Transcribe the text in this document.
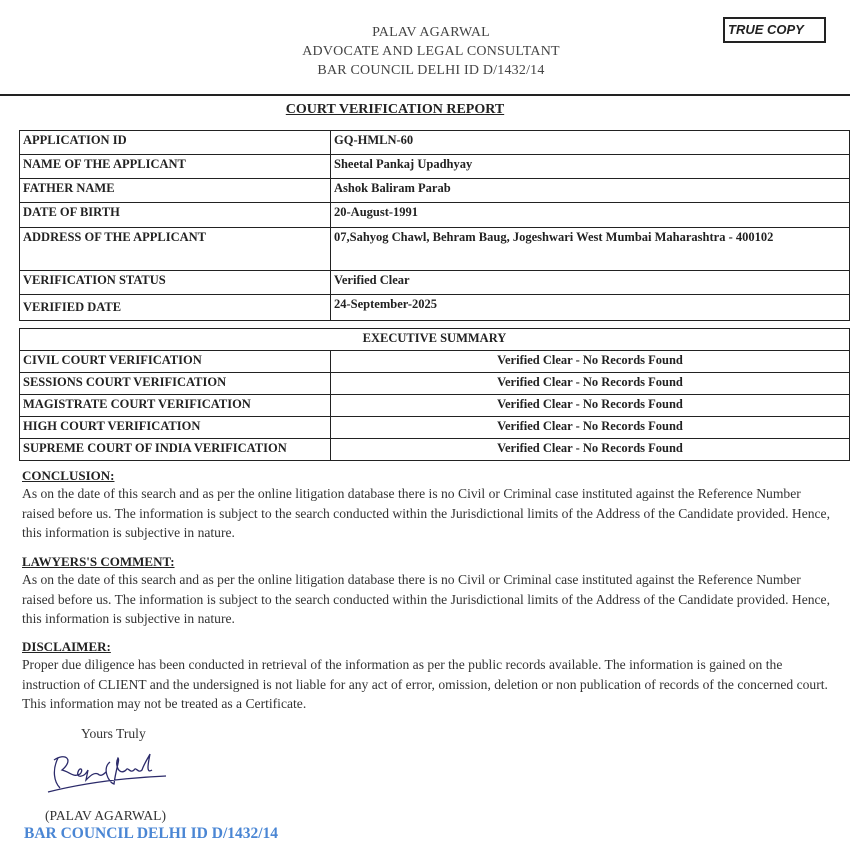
PALAV AGARWAL
ADVOCATE AND LEGAL CONSULTANT
BAR COUNCIL DELHI ID D/1432/14
TRUE COPY
COURT VERIFICATION REPORT
APPLICATION ID	GQ-HMLN-60
NAME OF THE APPLICANT	Sheetal Pankaj Upadhyay
FATHER NAME	Ashok Baliram Parab
DATE OF BIRTH	20-August-1991
ADDRESS OF THE APPLICANT	07,Sahyog Chawl, Behram Baug, Jogeshwari West Mumbai Maharashtra - 400102
VERIFICATION STATUS	Verified Clear
VERIFIED DATE	24-September-2025
EXECUTIVE SUMMARY	
CIVIL COURT VERIFICATION	Verified Clear - No Records Found
SESSIONS COURT VERIFICATION	Verified Clear - No Records Found
MAGISTRATE COURT VERIFICATION	Verified Clear - No Records Found
HIGH COURT VERIFICATION	Verified Clear - No Records Found
SUPREME COURT OF INDIA VERIFICATION	Verified Clear - No Records Found
CONCLUSION:
As on the date of this search and as per the online litigation database there is no Civil or Criminal case instituted against the Reference Number raised before us. The information is subject to the search conducted within the Jurisdictional limits of the Address of the Candidate provided. Hence, this information is subjective in nature.
LAWYERS'S COMMENT:
As on the date of this search and as per the online litigation database there is no Civil or Criminal case instituted against the Reference Number raised before us. The information is subject to the search conducted within the Jurisdictional limits of the Address of the Candidate provided. Hence, this information is subjective in nature.
DISCLAIMER:
Proper due diligence has been conducted in retrieval of the information as per the public records available. The information is gained on the instruction of CLIENT and the undersigned is not liable for any act of error, omission, deletion or non publication of records of the concerned court. This information may not be treated as a Certificate.
Yours Truly
(PALAV AGARWAL)
BAR COUNCIL DELHI ID D/1432/14
